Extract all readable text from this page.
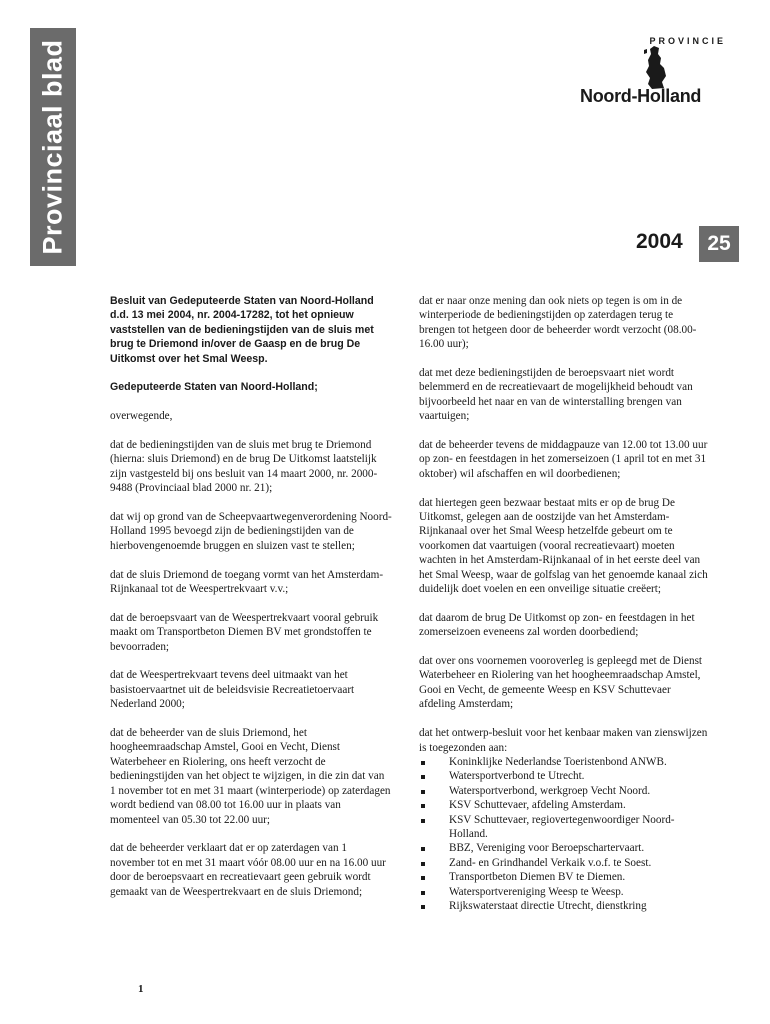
Provinciaal blad	PROVINCIE
Noord-Holland
2004 25

Besluit van Gedeputeerde Staten van Noord-Holland d.d. 13 mei 2004, nr. 2004-17282, tot het opnieuw vaststellen van de bedieningstijden van de sluis met brug te Driemond in/over de Gaasp en de brug De Uitkomst over het Smal Weesp.

Gedeputeerde Staten van Noord-Holland;

overwegende,

dat de bedieningstijden van de sluis met brug te Driemond (hierna: sluis Driemond) en de brug De Uitkomst laatstelijk zijn vastgesteld bij ons besluit van 14 maart 2000, nr. 2000-9488 (Provinciaal blad 2000 nr. 21);

dat wij op grond van de Scheepvaartwegenverordening Noord-Holland 1995 bevoegd zijn de bedieningstijden van de hierbovengenoemde bruggen en sluizen vast te stellen;

dat de sluis Driemond de toegang vormt van het Amsterdam-Rijnkanaal tot de Weespertrekvaart v.v.;

dat de beroepsvaart van de Weespertrekvaart vooral gebruik maakt om Transportbeton Diemen BV met grondstoffen te bevoorraden;

dat de Weespertrekvaart tevens deel uitmaakt van het basistoervaartnet uit de beleidsvisie Recreatietoervaart Nederland 2000;

dat de beheerder van de sluis Driemond, het hoogheemraadschap Amstel, Gooi en Vecht, Dienst Waterbeheer en Riolering, ons heeft verzocht de bedieningstijden van het object te wijzigen, in die zin dat van 1 november tot en met 31 maart (winterperiode) op zaterdagen wordt bediend van 08.00 tot 16.00 uur in plaats van momenteel van 05.30 tot 22.00 uur;

dat de beheerder verklaart dat er op zaterdagen van 1 november tot en met 31 maart vóór 08.00 uur en na 16.00 uur door de beroepsvaart en recreatievaart geen gebruik wordt gemaakt van de Weespertrekvaart en de sluis Driemond;

dat er naar onze mening dan ook niets op tegen is om in de winterperiode de bedieningstijden op zaterdagen terug te brengen tot hetgeen door de beheerder wordt verzocht (08.00-16.00 uur);

dat met deze bedieningstijden de beroepsvaart niet wordt belemmerd en de recreatievaart de mogelijkheid behoudt van bijvoorbeeld het naar en van de winterstalling brengen van vaartuigen;

dat de beheerder tevens de middagpauze van 12.00 tot 13.00 uur op zon- en feestdagen in het zomerseizoen (1 april tot en met 31 oktober) wil afschaffen en wil doorbedienen;

dat hiertegen geen bezwaar bestaat mits er op de brug De Uitkomst, gelegen aan de oostzijde van het Amsterdam-Rijnkanaal over het Smal Weesp hetzelfde gebeurt om te voorkomen dat vaartuigen (vooral recreatievaart) moeten wachten in het Amsterdam-Rijnkanaal of in het eerste deel van het Smal Weesp, waar de golfslag van het genoemde kanaal zich duidelijk doet voelen en een onveilige situatie creëert;

dat daarom de brug De Uitkomst op zon- en feestdagen in het zomerseizoen eveneens zal worden doorbediend;

dat over ons voornemen vooroverleg is gepleegd met de Dienst Waterbeheer en Riolering van het hoogheemraadschap Amstel, Gooi en Vecht, de gemeente Weesp en KSV Schuttevaer afdeling Amsterdam;

dat het ontwerp-besluit voor het kenbaar maken van zienswijzen is toegezonden aan:
Koninklijke Nederlandse Toeristenbond ANWB.
Watersportverbond te Utrecht.
Watersportverbond, werkgroep Vecht Noord.
KSV Schuttevaer, afdeling Amsterdam.
KSV Schuttevaer, regiovertegenwoordiger Noord-Holland.
BBZ, Vereniging voor Beroepschartervaart.
Zand- en Grindhandel Verkaik v.o.f. te Soest.
Transportbeton Diemen BV te Diemen.
Watersportvereniging Weesp te Weesp.
Rijkswaterstaat directie Utrecht, dienstkring
1
